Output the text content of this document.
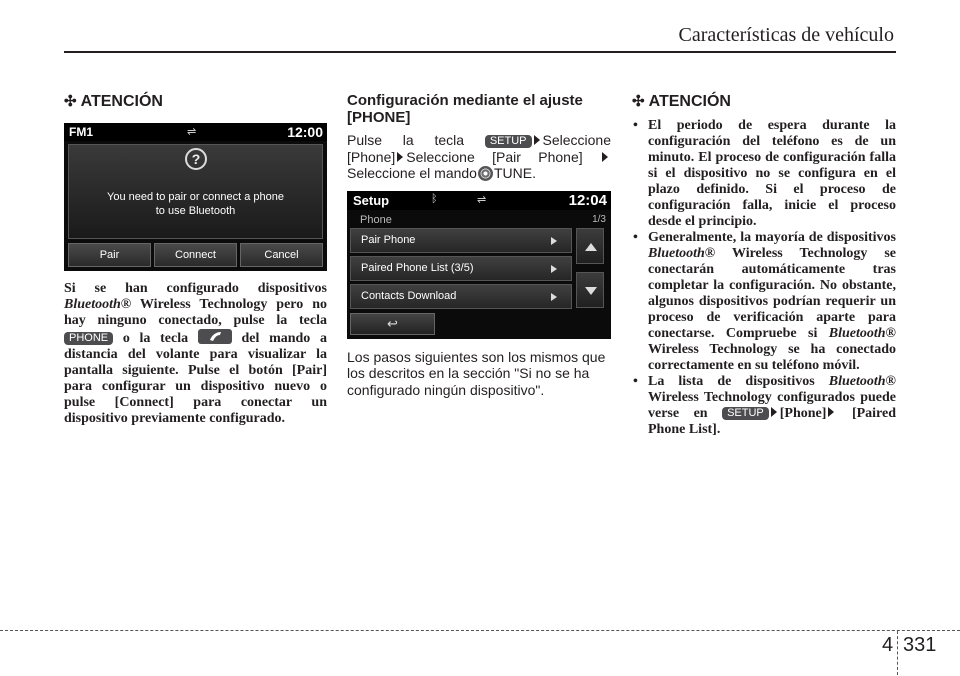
Características de vehículo
✣ ATENCIÓN
FM1	⇌	12:00
?
You need to pair or connect a phone
to use Bluetooth
Pair	Connect	Cancel

Si se han configurado dispositivos Bluetooth® Wireless Technology pero no hay ninguno conectado, pulse la tecla PHONE o la tecla  del mando a distancia del volante para visualizar la pantalla siguiente. Pulse el botón [Pair] para configurar un dispositivo nuevo o pulse [Connect] para conectar un dispositivo previamente configurado.

Configuración mediante el ajuste [PHONE]

Pulse la tecla SETUP Seleccione [Phone] Seleccione [Pair Phone]  Seleccione el mando TUNE.

Setup	ᛒ	⇌	12:04
Phone	1/3
Pair Phone
Paired Phone List (3/5)
Contacts Download
↩

Los pasos siguientes son los mismos que los descritos en la sección "Si no se ha configurado ningún dispositivo".

✣ ATENCIÓN
• El periodo de espera durante la configuración del teléfono es de un minuto. El proceso de configuración falla si el dispositivo no se configura en el plazo definido. Si el proceso de configuración falla, inicie el proceso desde el principio.
• Generalmente, la mayoría de dispositivos Bluetooth® Wireless Technology se conectarán automáticamente tras completar la configuración. No obstante, algunos dispositivos podrían requerir un proceso de verificación aparte para conectarse. Compruebe si Bluetooth® Wireless Technology se ha conectado correctamente en su teléfono móvil.
• La lista de dispositivos Bluetooth® Wireless Technology configurados puede verse en SETUP [Phone] [Paired Phone List].
4 331
